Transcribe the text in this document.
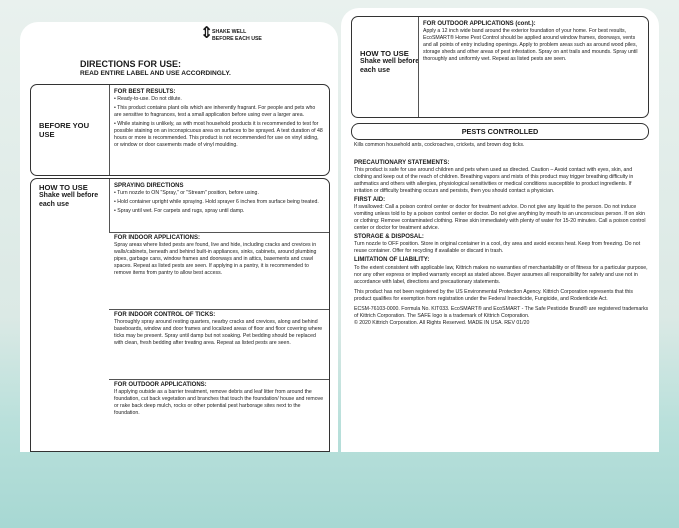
⇕
SHAKE WELL
BEFORE EACH USE
DIRECTIONS FOR USE:
READ ENTIRE LABEL AND USE ACCORDINGLY.
BEFORE YOU USE
FOR BEST RESULTS:

• Ready-to-use. Do not dilute.

• This product contains plant oils which are inherently fragrant. For people and pets who are sensitive to fragrances, test a small application before using over a larger area.

• While staining is unlikely, as with most household products it is recommended to test for possible staining on an inconspicuous area on surfaces to be sprayed. A test duration of 48 hours or more is recommended. This product is not recommended for use on vinyl siding, or window or door casements made of vinyl moulding.

HOW TO USE
Shake well before each use
SPRAYING DIRECTIONS

• Turn nozzle to ON "Spray," or "Stream" position, before using.

• Hold container upright while spraying. Hold sprayer 6 inches from surface being treated.

• Spray until wet. For carpets and rugs, spray until damp.

FOR INDOOR APPLICATIONS:
Spray areas where listed pests are found, live and hide, including cracks and crevices in walls/cabinets, beneath and behind built-in appliances, sinks, cabinets, around plumbing pipes, garbage cans, window frames and doorways and in attics, basements and crawl spaces. Repeat as listed pests are seen. If applying in a pantry, it is recommended to remove items from pantry to allow best access.
FOR INDOOR CONTROL OF TICKS:
Thoroughly spray around resting quarters, nearby cracks and crevices, along and behind baseboards, window and door frames and localized areas of floor and floor covering where ticks may be present. Spray until damp but not soaking. Pet bedding should be replaced with clean, fresh bedding after treating area. Repeat as listed pests are seen.
FOR OUTDOOR APPLICATIONS:
If applying outside as a barrier treatment, remove debris and leaf litter from around the foundation, cut back vegetation and branches that touch the foundation/ house and remove or rake back deep mulch, rocks or other potential pest harborage sites next to the foundation.
HOW TO USE
Shake well before each use
FOR OUTDOOR APPLICATIONS (cont.):
Apply a 12 inch wide band around the exterior foundation of your home. For best results, EcoSMART® Home Pest Control should be applied around window frames, doorways, vents and all points of entry including openings. Apply to problem areas such as around wood piles, storage sheds and other areas of pest infestation. Spray on ant trails and mounds. Spray until thoroughly and uniformly wet. Repeat as listed pests are seen.
PESTS CONTROLLED
Kills common household ants, cockroaches, crickets, and brown dog ticks.
PRECAUTIONARY STATEMENTS:
This product is safe for use around children and pets when used as directed. Caution – Avoid contact with eyes, skin, and clothing and keep out of the reach of children. Breathing vapors and mists of this product may trigger breathing difficulty in asthmatics and others with allergies, physiological sensitivities or medical conditions susceptible to product ingredients. If irritation or difficulty breathing occurs and persists, then you should contact a physician.
FIRST AID:
If swallowed: Call a poison control center or doctor for treatment advice. Do not give any liquid to the person. Do not induce vomiting unless told to by a poison control center or doctor. Do not give anything by mouth to an unconscious person. If on skin or clothing: Remove contaminated clothing. Rinse skin immediately with plenty of water for 15-20 minutes. Call a poison control center or doctor for treatment advice.
STORAGE & DISPOSAL:
Turn nozzle to OFF position. Store in original container in a cool, dry area and avoid excess heat. Keep from freezing. Do not reuse container. Offer for recycling if available or discard in trash.
LIMITATION OF LIABILITY:
To the extent consistent with applicable law, Kittrich makes no warranties of merchantability or of fitness for a particular purpose, nor any other express or implied warranty except as stated above. Buyer assumes all responsibility for safety and use not in accordance with label, directions and precautionary statements.
This product has not been registered by the US Environmental Protection Agency. Kittrich Corporation represents that this product qualifies for exemption from registration under the Federal Insecticide, Fungicide, and Rodenticide Act.
ECSM-76103-0000. Formula No. KIT033. EcoSMART® and EcoSMART - The Safe Pesticide Brand® are registered trademarks of Kittrich Corporation. The SAFE logo is a trademark of Kittrich Corporation.
© 2020 Kittrich Corporation. All Rights Reserved. MADE IN USA. REV 01/20
